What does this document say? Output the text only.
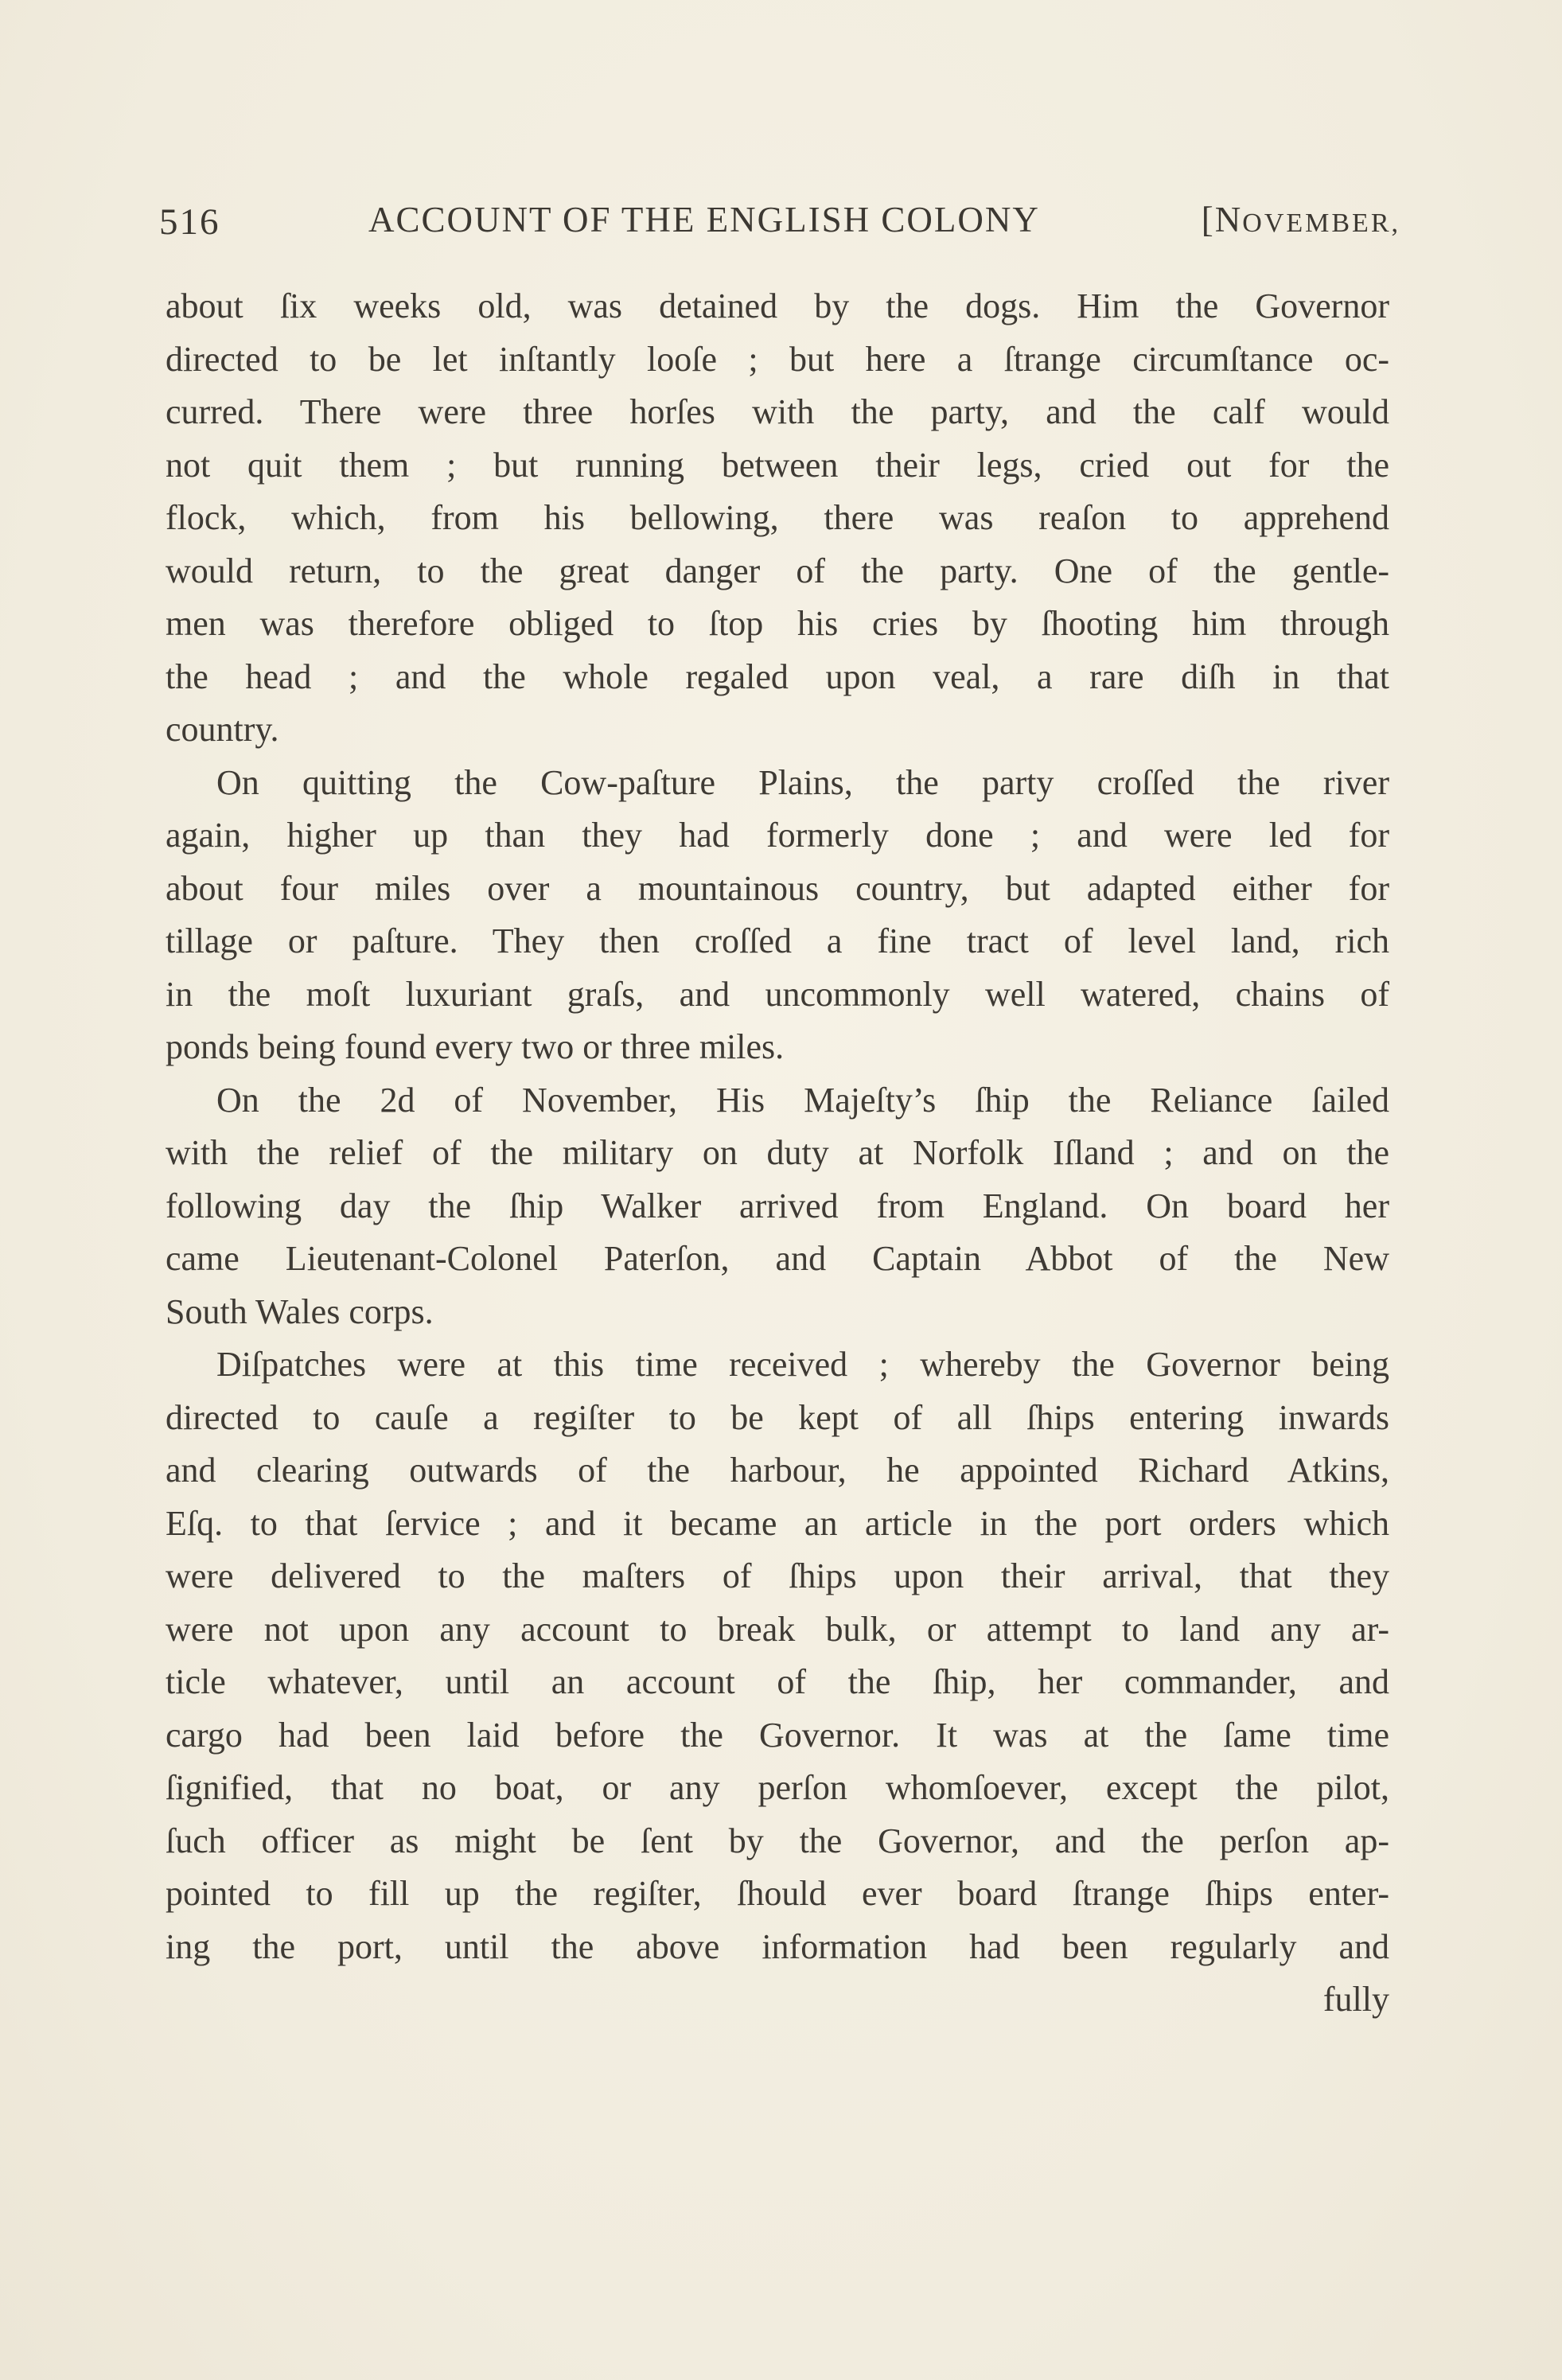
516	ACCOUNT OF THE ENGLISH COLONY	[NOVEMBER,
about ſix weeks old, was detained by the dogs. Him the Governor
directed to be let inſtantly looſe ; but here a ſtrange circumſtance oc-
curred. There were three horſes with the party, and the calf would
not quit them ; but running between their legs, cried out for the
flock, which, from his bellowing, there was reaſon to apprehend
would return, to the great danger of the party. One of the gentle-
men was therefore obliged to ſtop his cries by ſhooting him through
the head ; and the whole regaled upon veal, a rare diſh in that
country.
On quitting the Cow-paſture Plains, the party croſſed the river
again, higher up than they had formerly done ; and were led for
about four miles over a mountainous country, but adapted either for
tillage or paſture. They then croſſed a fine tract of level land, rich
in the moſt luxuriant graſs, and uncommonly well watered, chains of
ponds being found every two or three miles.
On the 2d of November, His Majeſty’s ſhip the Reliance ſailed
with the relief of the military on duty at Norfolk Iſland ; and on the
following day the ſhip Walker arrived from England. On board her
came Lieutenant-Colonel Paterſon, and Captain Abbot of the New
South Wales corps.
Diſpatches were at this time received ; whereby the Governor being
directed to cauſe a regiſter to be kept of all ſhips entering inwards
and clearing outwards of the harbour, he appointed Richard Atkins,
Eſq. to that ſervice ; and it became an article in the port orders which
were delivered to the maſters of ſhips upon their arrival, that they
were not upon any account to break bulk, or attempt to land any ar-
ticle whatever, until an account of the ſhip, her commander, and
cargo had been laid before the Governor. It was at the ſame time
ſignified, that no boat, or any perſon whomſoever, except the pilot,
ſuch officer as might be ſent by the Governor, and the perſon ap-
pointed to fill up the regiſter, ſhould ever board ſtrange ſhips enter-
ing the port, until the above information had been regularly and
fully
